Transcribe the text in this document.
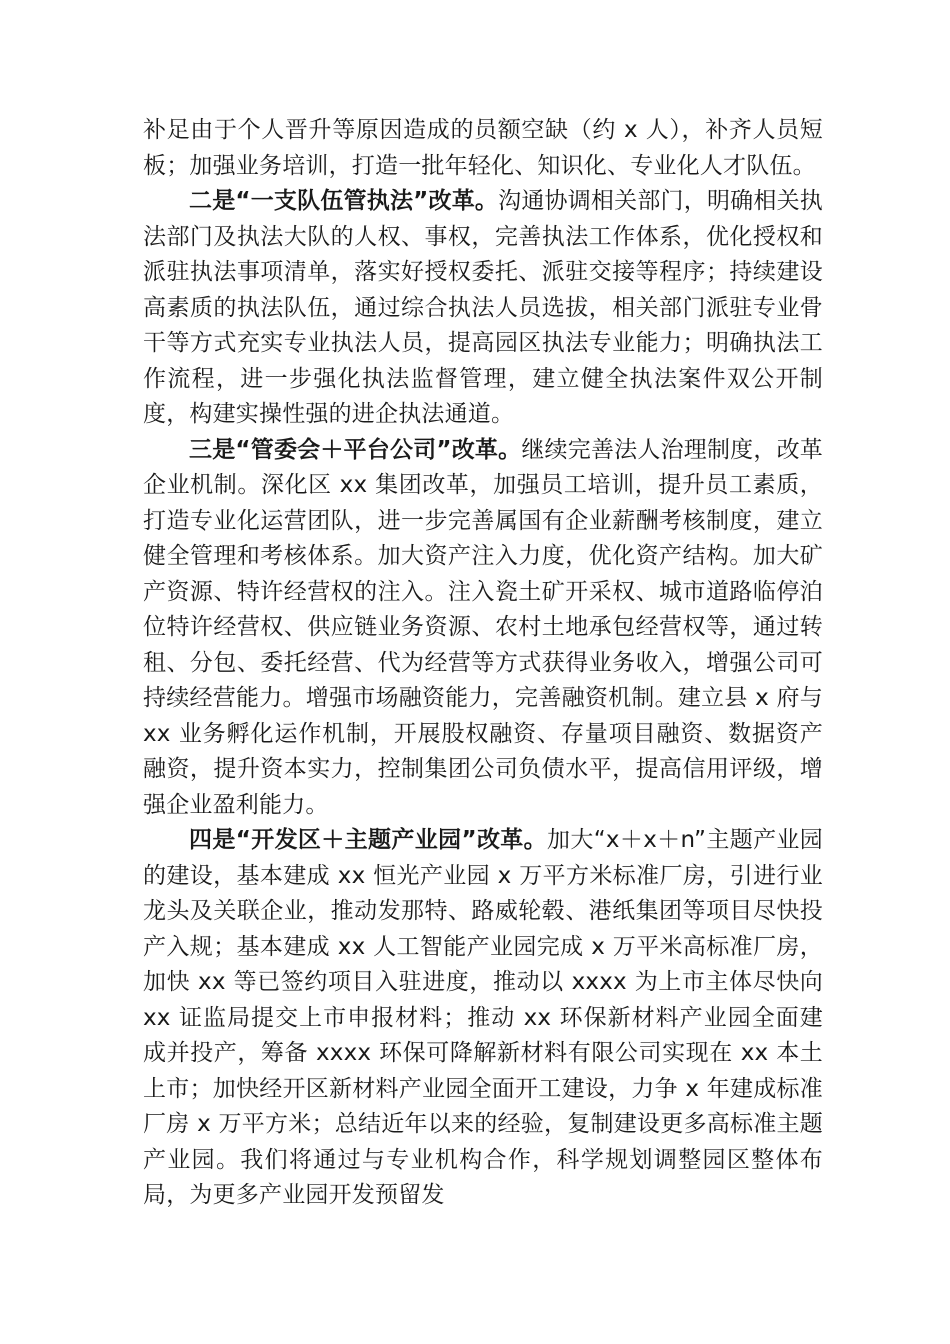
补足由于个人晋升等原因造成的员额空缺（约 x 人），补齐人员短板；加强业务培训，打造一批年轻化、知识化、专业化人才队伍。

二是“一支队伍管执法”改革。沟通协调相关部门，明确相关执法部门及执法大队的人权、事权，完善执法工作体系，优化授权和派驻执法事项清单，落实好授权委托、派驻交接等程序；持续建设高素质的执法队伍，通过综合执法人员选拔，相关部门派驻专业骨干等方式充实专业执法人员，提高园区执法专业能力；明确执法工作流程，进一步强化执法监督管理，建立健全执法案件双公开制度，构建实操性强的进企执法通道。

三是“管委会＋平台公司”改革。继续完善法人治理制度，改革企业机制。深化区 xx 集团改革，加强员工培训，提升员工素质，打造专业化运营团队，进一步完善属国有企业薪酬考核制度，建立健全管理和考核体系。加大资产注入力度，优化资产结构。加大矿产资源、特许经营权的注入。注入瓷土矿开采权、城市道路临停泊位特许经营权、供应链业务资源、农村土地承包经营权等，通过转租、分包、委托经营、代为经营等方式获得业务收入，增强公司可持续经营能力。增强市场融资能力，完善融资机制。建立县 x 府与 xx 业务孵化运作机制，开展股权融资、存量项目融资、数据资产融资，提升资本实力，控制集团公司负债水平，提高信用评级，增强企业盈利能力。

四是“开发区＋主题产业园”改革。加大“x＋x＋n”主题产业园的建设，基本建成 xx 恒光产业园 x 万平方米标准厂房，引进行业龙头及关联企业，推动发那特、路威轮毂、港纸集团等项目尽快投产入规；基本建成 xx 人工智能产业园完成 x 万平米高标准厂房，加快 xx 等已签约项目入驻进度，推动以 xxxx 为上市主体尽快向 xx 证监局提交上市申报材料；推动 xx 环保新材料产业园全面建成并投产，筹备 xxxx 环保可降解新材料有限公司实现在 xx 本土上市；加快经开区新材料产业园全面开工建设，力争 x 年建成标准厂房 x 万平方米；总结近年以来的经验，复制建设更多高标准主题产业园。我们将通过与专业机构合作，科学规划调整园区整体布局，为更多产业园开发预留发
